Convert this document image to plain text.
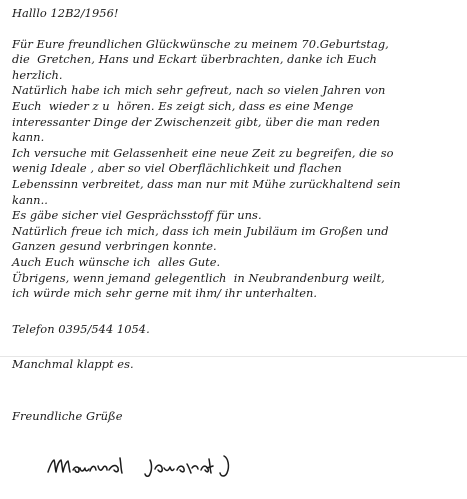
Halllo 12B2/1956!
Für Eure freundlichen Glückwünsche zu meinem 70.Geburtstag,
die  Gretchen, Hans und Eckart überbrachten, danke ich Euch
herzlich.
Natürlich habe ich mich sehr gefreut, nach so vielen Jahren von
Euch  wieder z u  hören. Es zeigt sich, dass es eine Menge
interessanter Dinge der Zwischenzeit gibt, über die man reden
kann.
Ich versuche mit Gelassenheit eine neue Zeit zu begreifen, die so
wenig Ideale , aber so viel Oberflächlichkeit und flachen
Lebenssinn verbreitet, dass man nur mit Mühe zurückhaltend sein
kann..
Es gäbe sicher viel Gesprächsstoff für uns.
Natürlich freue ich mich, dass ich mein Jubiläum im Großen und
Ganzen gesund verbringen konnte.
Auch Euch wünsche ich  alles Gute.
Übrigens, wenn jemand gelegentlich  in Neubrandenburg weilt,
ich würde mich sehr gerne mit ihm/ ihr unterhalten.
Telefon 0395/544 1054.
Manchmal klappt es.
Freundliche Grüße
